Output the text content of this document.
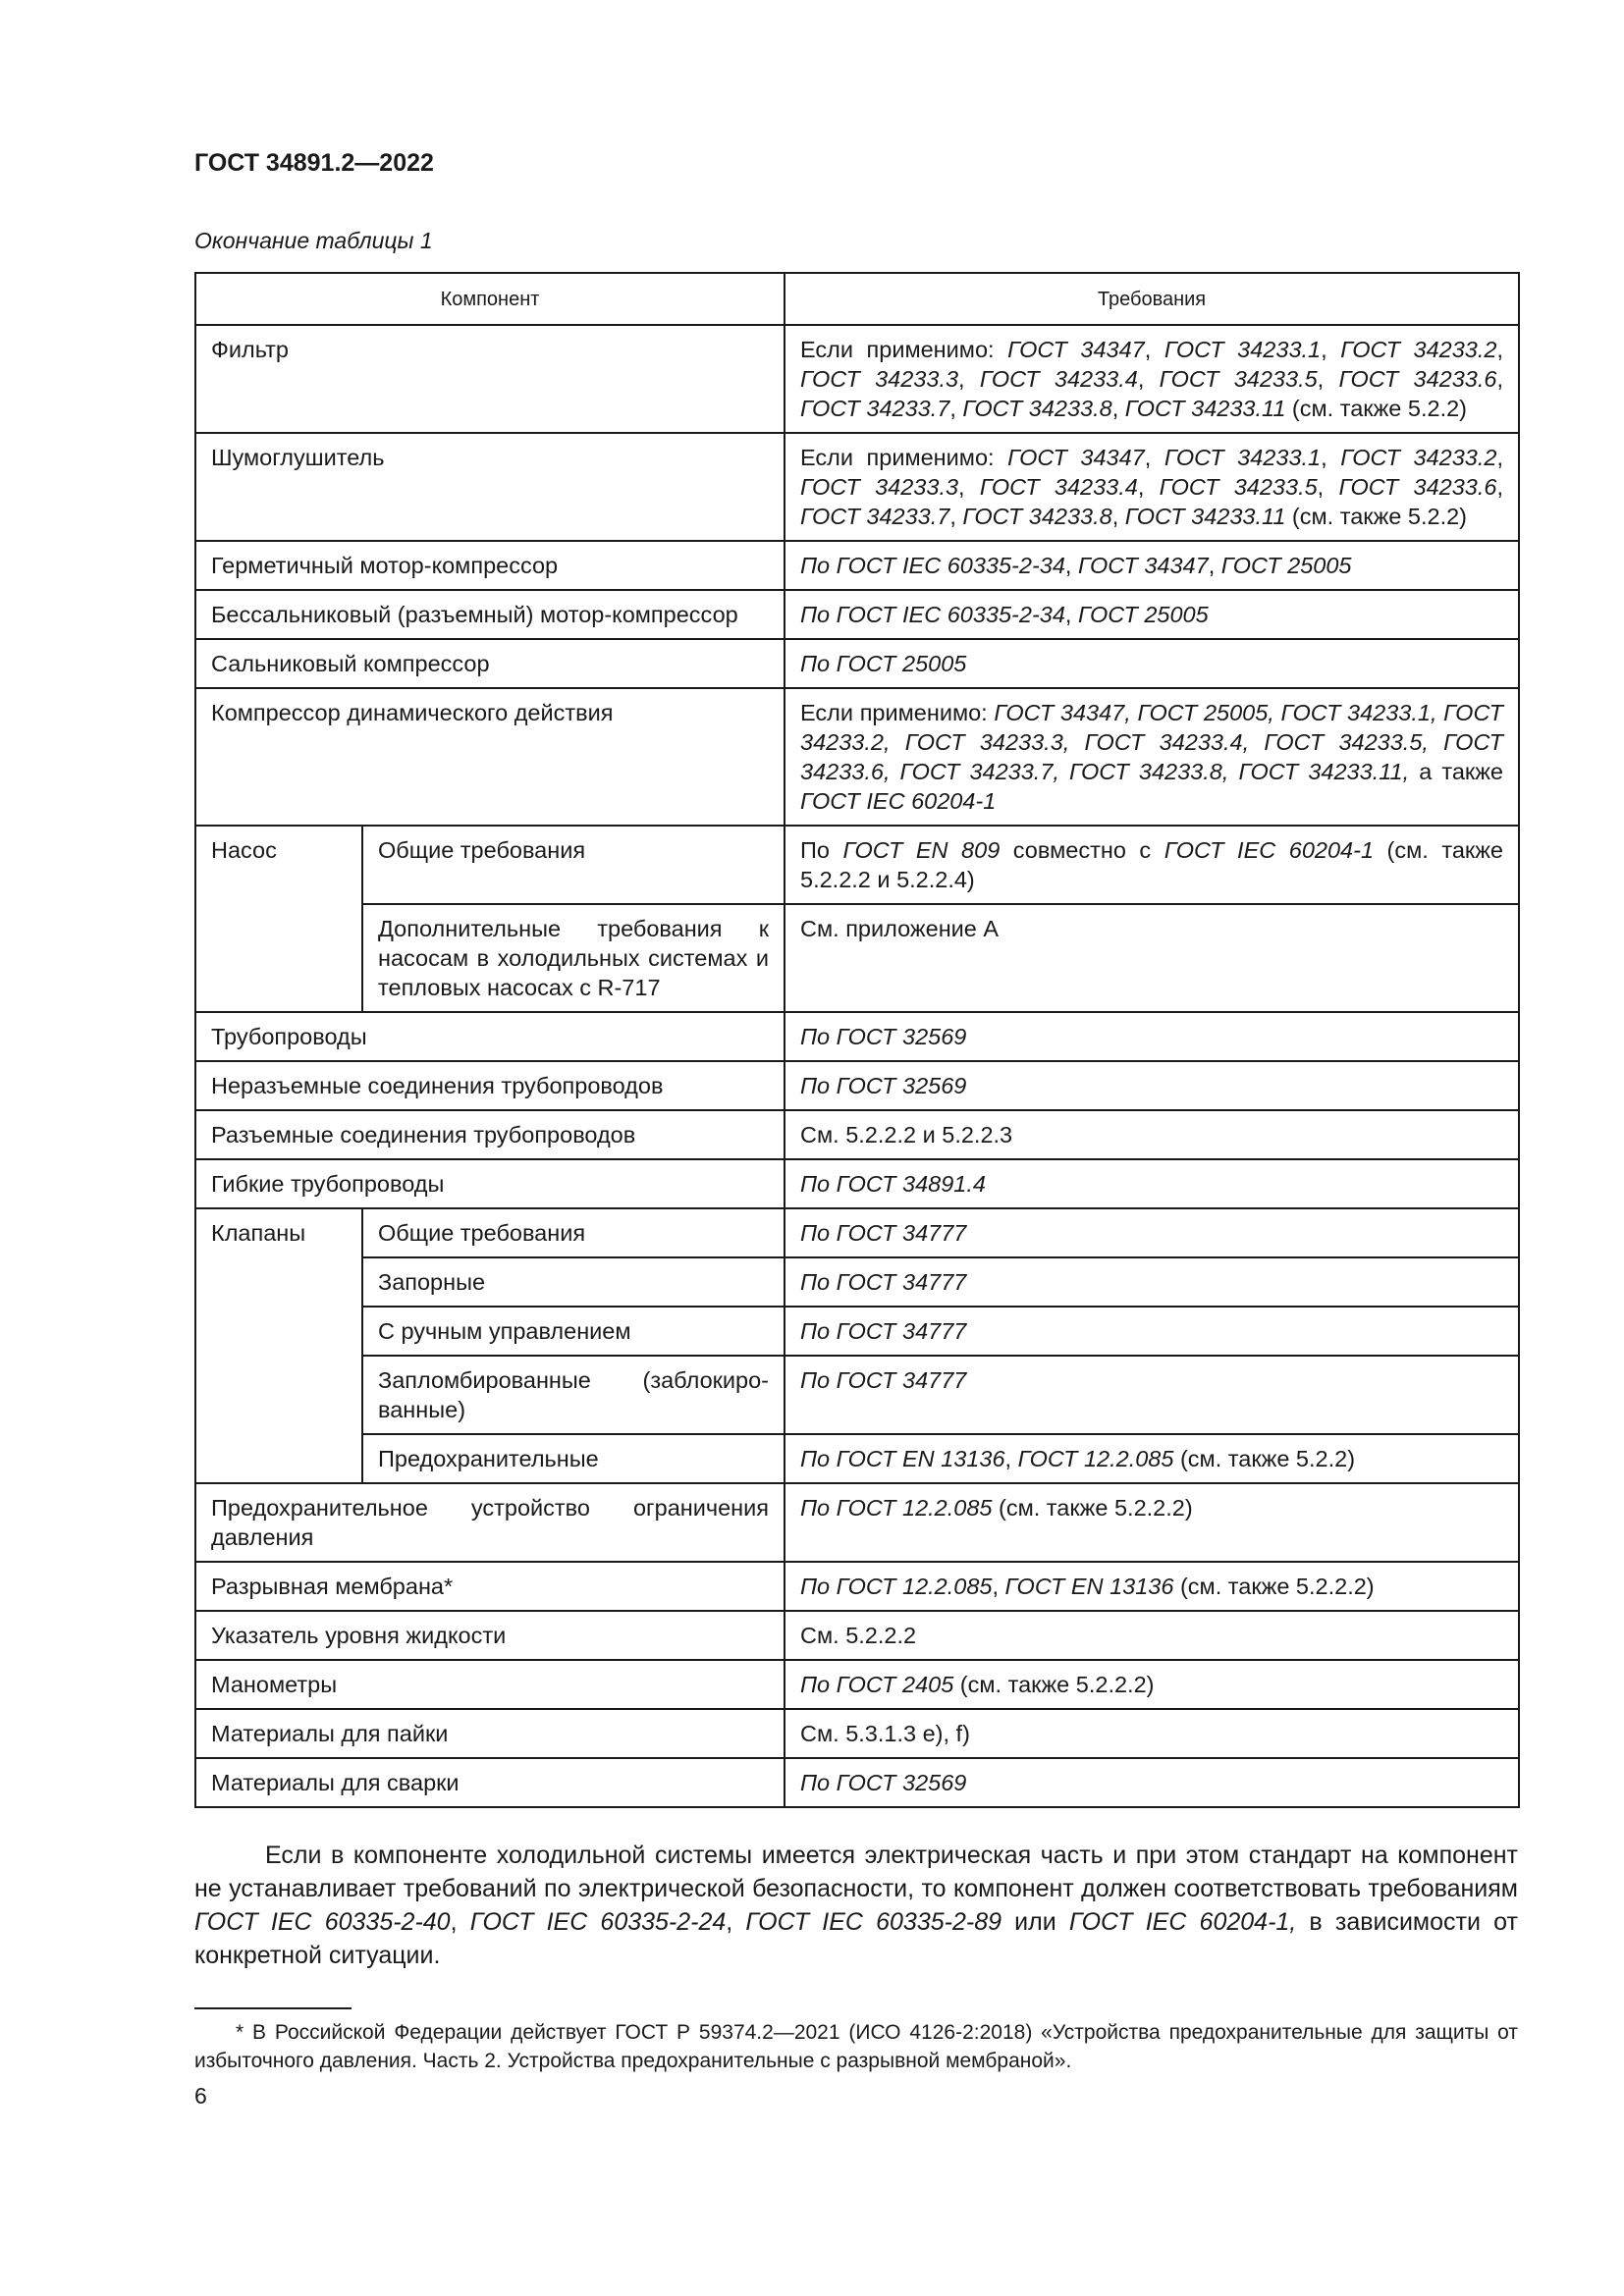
ГОСТ 34891.2—2022
Окончание таблицы 1
Компонент		Требования
Фильтр		Если применимо: ГОСТ 34347, ГОСТ 34233.1, ГОСТ 34233.2, ГОСТ 34233.3, ГОСТ 34233.4, ГОСТ 34233.5, ГОСТ 34233.6, ГОСТ 34233.7, ГОСТ 34233.8, ГОСТ 34233.11 (см. также 5.2.2)
Шумоглушитель		Если применимо: ГОСТ 34347, ГОСТ 34233.1, ГОСТ 34233.2, ГОСТ 34233.3, ГОСТ 34233.4, ГОСТ 34233.5, ГОСТ 34233.6, ГОСТ 34233.7, ГОСТ 34233.8, ГОСТ 34233.11 (см. также 5.2.2)
Герметичный мотор-компрессор		По ГОСТ IEC 60335-2-34, ГОСТ 34347, ГОСТ 25005
Бессальниковый (разъемный) мотор-компрессор		По ГОСТ IEC 60335-2-34, ГОСТ 25005
Сальниковый компрессор		По ГОСТ 25005
Компрессор динамического действия		Если применимо: ГОСТ 34347, ГОСТ 25005, ГОСТ 34233.1, ГОСТ 34233.2, ГОСТ 34233.3, ГОСТ 34233.4, ГОСТ 34233.5, ГОСТ 34233.6, ГОСТ 34233.7, ГОСТ 34233.8, ГОСТ 34233.11, а также ГОСТ IEC 60204-1
Насос	Общие требования	По ГОСТ EN 809 совместно с ГОСТ IEC 60204-1 (см. также 5.2.2.2 и 5.2.2.4)
	Дополнительные требования к насосам в холодильных системах и тепловых насосах с R-717	См. приложение А
Трубопроводы		По ГОСТ 32569
Неразъемные соединения трубопроводов		По ГОСТ 32569
Разъемные соединения трубопроводов		См. 5.2.2.2 и 5.2.2.3
Гибкие трубопроводы		По ГОСТ 34891.4
Клапаны	Общие требования	По ГОСТ 34777
	Запорные	По ГОСТ 34777
	С ручным управлением	По ГОСТ 34777
	Запломбированные (заблокиро-ванные)	По ГОСТ 34777
	Предохранительные	По ГОСТ EN 13136, ГОСТ 12.2.085 (см. также 5.2.2)
Предохранительное устройство ограничения давления		По ГОСТ 12.2.085 (см. также 5.2.2.2)
Разрывная мембрана*		По ГОСТ 12.2.085, ГОСТ EN 13136 (см. также 5.2.2.2)
Указатель уровня жидкости		См. 5.2.2.2
Манометры		По ГОСТ 2405 (см. также 5.2.2.2)
Материалы для пайки		См. 5.3.1.3 е), f)
Материалы для сварки		По ГОСТ 32569
Если в компоненте холодильной системы имеется электрическая часть и при этом стандарт на компонент не устанавливает требований по электрической безопасности, то компонент должен соответствовать требованиям ГОСТ IEC 60335-2-40, ГОСТ IEC 60335-2-24, ГОСТ IEC 60335-2-89 или ГОСТ IEC 60204-1, в зависимости от конкретной ситуации.
* В Российской Федерации действует ГОСТ Р 59374.2—2021 (ИСО 4126-2:2018) «Устройства предохранительные для защиты от избыточного давления. Часть 2. Устройства предохранительные с разрывной мембраной».
6
